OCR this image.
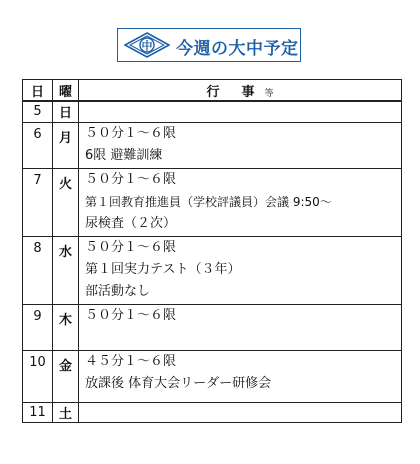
中 今週の大中予定
日	曜	行 事 等
5	日	
6	月	５０分１～６限
6限 避難訓練

7	火	５０分１～６限
第１回教育推進員（学校評議員）会議 9:50～
尿検査（２次）

8	水	５０分１～６限
第１回実力テスト（３年）
部活動なし

9	木	５０分１～６限

10	金	４５分１～６限
放課後 体育大会リーダー研修会

11	土	
